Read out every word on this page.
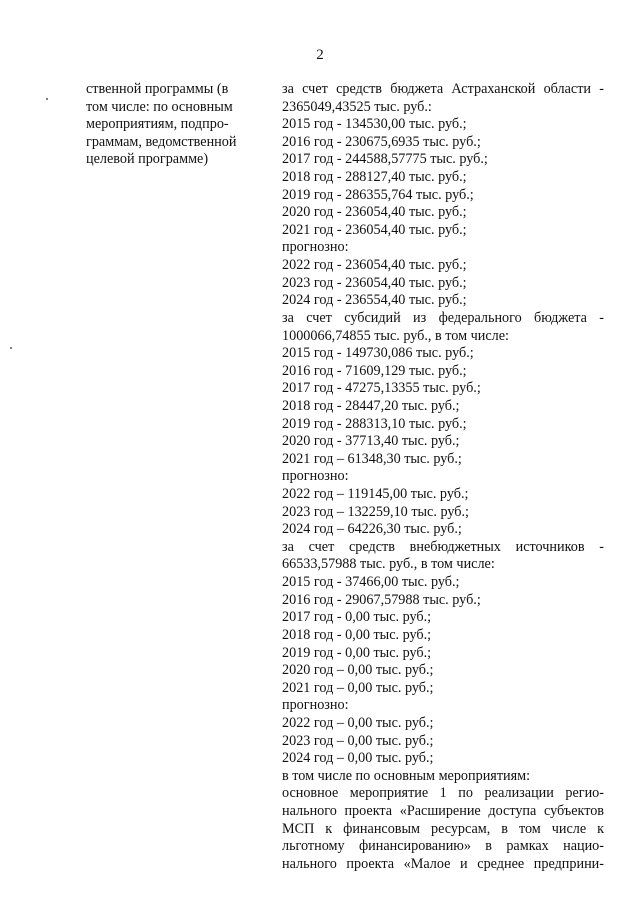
2
ственной программы (в
том числе: по основным
мероприятиям, подпро-
граммам, ведомственной
целевой программе)
за счет средств бюджета Астраханской области -
2365049,43525 тыс. руб.:
2015 год - 134530,00 тыс. руб.;
2016 год - 230675,6935 тыс. руб.;
2017 год - 244588,57775 тыс. руб.;
2018 год - 288127,40 тыс. руб.;
2019 год - 286355,764 тыс. руб.;
2020 год - 236054,40 тыс. руб.;
2021 год - 236054,40 тыс. руб.;
прогнозно:
2022 год - 236054,40 тыс. руб.;
2023 год - 236054,40 тыс. руб.;
2024 год - 236554,40 тыс. руб.;
за счет субсидий из федерального бюджета -
1000066,74855 тыс. руб., в том числе:
2015 год - 149730,086 тыс. руб.;
2016 год - 71609,129 тыс. руб.;
2017 год - 47275,13355 тыс. руб.;
2018 год - 28447,20 тыс. руб.;
2019 год - 288313,10 тыс. руб.;
2020 год - 37713,40 тыс. руб.;
2021 год – 61348,30 тыс. руб.;
прогнозно:
2022 год – 119145,00 тыс. руб.;
2023 год – 132259,10 тыс. руб.;
2024 год – 64226,30 тыс. руб.;
за счет средств внебюджетных источников -
66533,57988 тыс. руб., в том числе:
2015 год - 37466,00 тыс. руб.;
2016 год - 29067,57988 тыс. руб.;
2017 год - 0,00 тыс. руб.;
2018 год - 0,00 тыс. руб.;
2019 год - 0,00 тыс. руб.;
2020 год – 0,00 тыс. руб.;
2021 год – 0,00 тыс. руб.;
прогнозно:
2022 год – 0,00 тыс. руб.;
2023 год – 0,00 тыс. руб.;
2024 год – 0,00 тыс. руб.;
в том числе по основным мероприятиям:
основное мероприятие 1 по реализации регио-
нального проекта «Расширение доступа субъектов
МСП к финансовым ресурсам, в том числе к
льготному финансированию» в рамках нацио-
нального проекта «Малое и среднее предприни-
